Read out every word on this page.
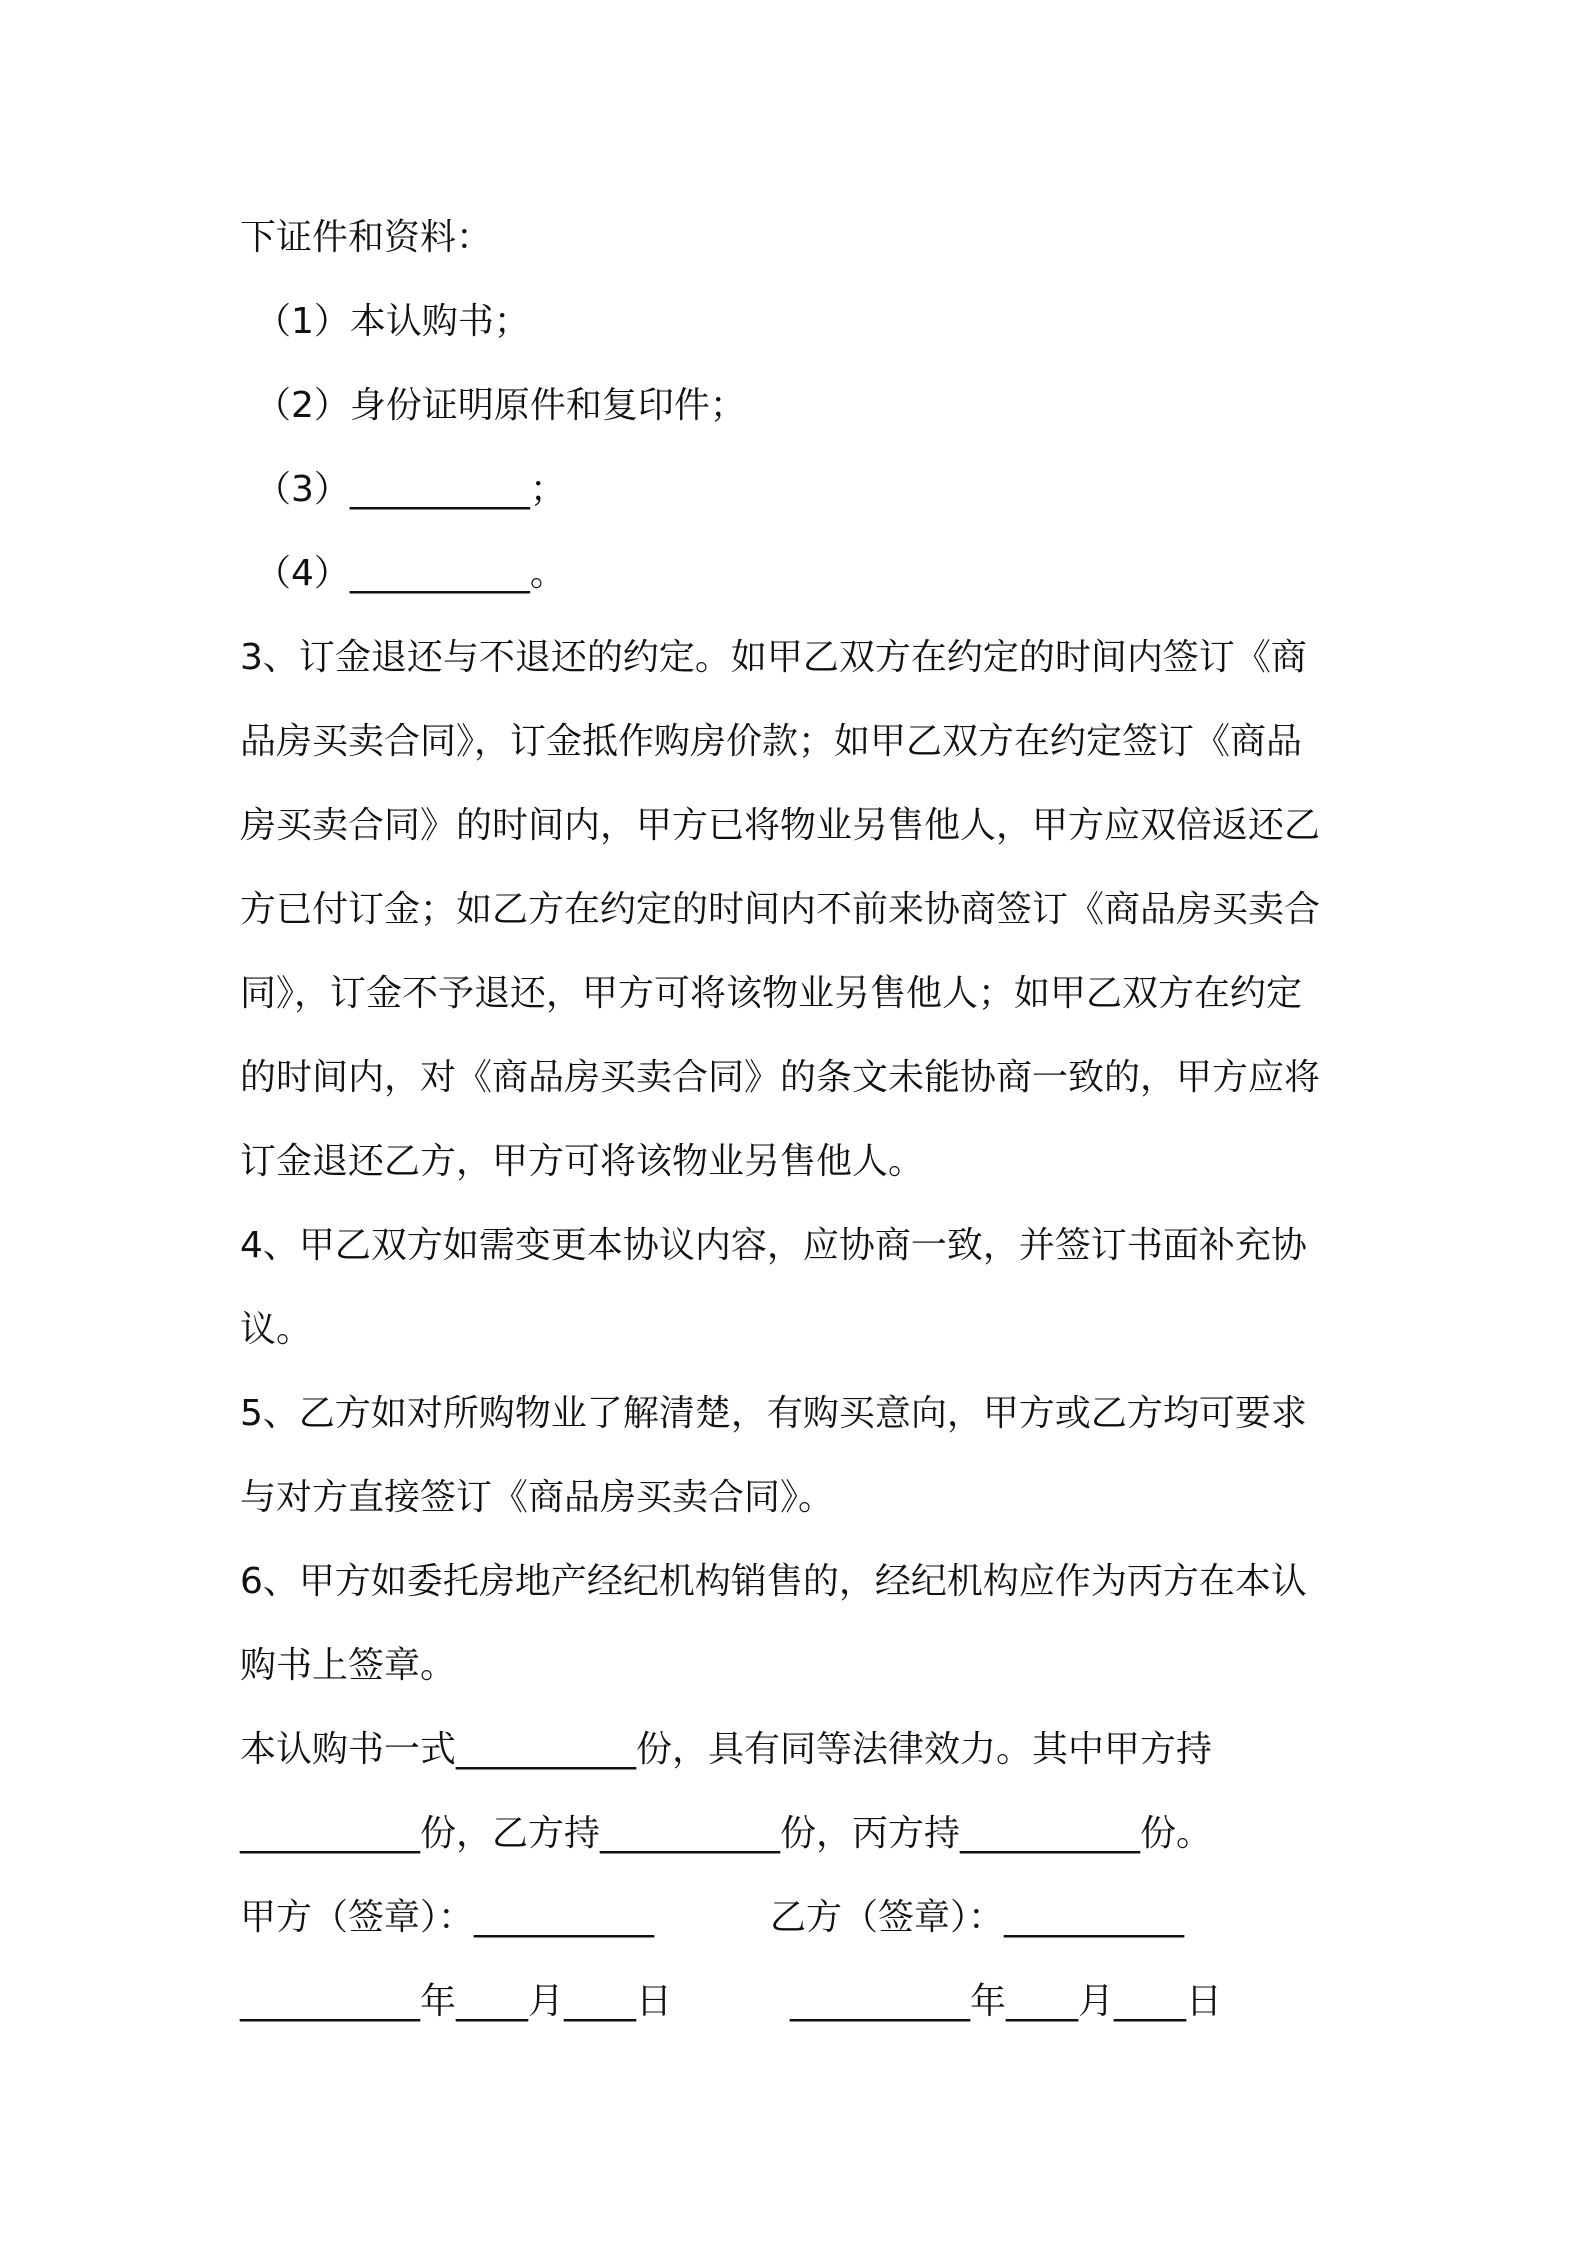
下证件和资料：
（1）本认购书；
（2）身份证明原件和复印件；
（3）__________；
（4）__________。
3、订金退还与不退还的约定。如甲乙双方在约定的时间内签订《商
品房买卖合同》，订金抵作购房价款；如甲乙双方在约定签订《商品
房买卖合同》的时间内，甲方已将物业另售他人，甲方应双倍返还乙
方已付订金；如乙方在约定的时间内不前来协商签订《商品房买卖合
同》，订金不予退还，甲方可将该物业另售他人；如甲乙双方在约定
的时间内，对《商品房买卖合同》的条文未能协商一致的，甲方应将
订金退还乙方，甲方可将该物业另售他人。
4、甲乙双方如需变更本协议内容，应协商一致，并签订书面补充协
议。
5、乙方如对所购物业了解清楚，有购买意向，甲方或乙方均可要求
与对方直接签订《商品房买卖合同》。
6、甲方如委托房地产经纪机构销售的，经纪机构应作为丙方在本认
购书上签章。
本认购书一式__________份，具有同等法律效力。其中甲方持
__________份，乙方持__________份，丙方持__________份。
甲方（签章）：__________	乙方（签章）：__________
__________年____月____日	__________年____月____日
